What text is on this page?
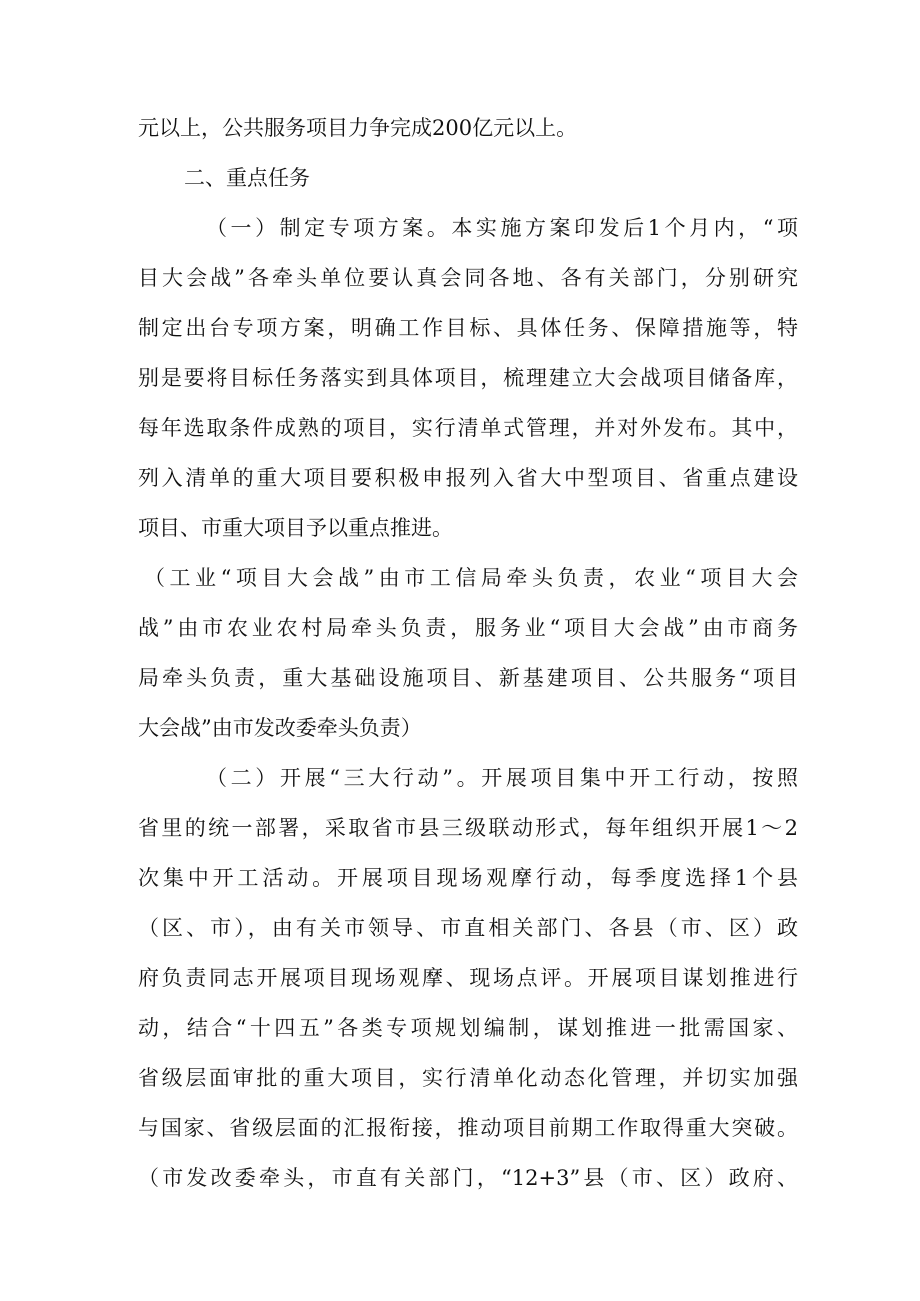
元以上，公共服务项目力争完成200亿元以上。
二、重点任务
（一）制定专项方案。本实施方案印发后1个月内，“项
目大会战”各牵头单位要认真会同各地、各有关部门，分别研究
制定出台专项方案，明确工作目标、具体任务、保障措施等，特
别是要将目标任务落实到具体项目，梳理建立大会战项目储备库，
每年选取条件成熟的项目，实行清单式管理，并对外发布。其中，
列入清单的重大项目要积极申报列入省大中型项目、省重点建设
项目、市重大项目予以重点推进。
（工业“项目大会战”由市工信局牵头负责，农业“项目大会
战”由市农业农村局牵头负责，服务业“项目大会战”由市商务
局牵头负责，重大基础设施项目、新基建项目、公共服务“项目
大会战”由市发改委牵头负责）
（二）开展“三大行动”。开展项目集中开工行动，按照
省里的统一部署，采取省市县三级联动形式，每年组织开展1～2
次集中开工活动。开展项目现场观摩行动，每季度选择1个县
（区、市），由有关市领导、市直相关部门、各县（市、区）政
府负责同志开展项目现场观摩、现场点评。开展项目谋划推进行
动，结合“十四五”各类专项规划编制，谋划推进一批需国家、
省级层面审批的重大项目，实行清单化动态化管理，并切实加强
与国家、省级层面的汇报衔接，推动项目前期工作取得重大突破。
（市发改委牵头，市直有关部门，“12+3”县（市、区）政府、
